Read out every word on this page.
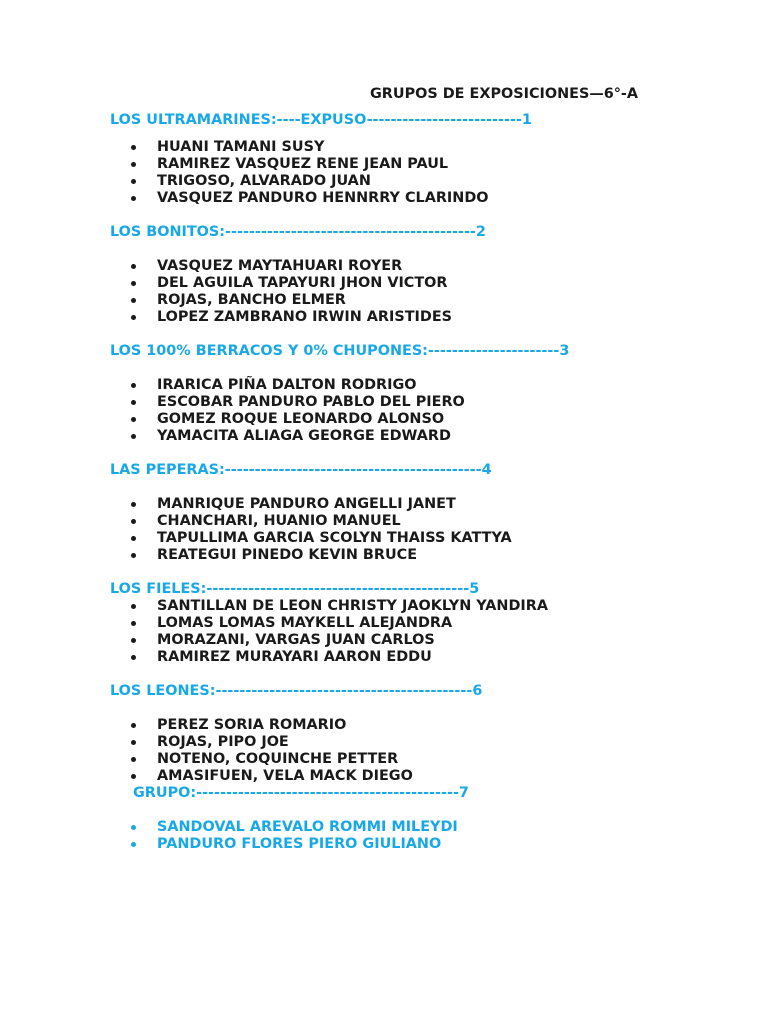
GRUPOS DE EXPOSICIONES—6°-A
LOS ULTRAMARINES:----EXPUSO--------------------------1
HUANI TAMANI SUSY
RAMIREZ VASQUEZ RENE JEAN PAUL
TRIGOSO, ALVARADO JUAN
VASQUEZ PANDURO HENNRRY CLARINDO
LOS BONITOS:------------------------------------------2
VASQUEZ MAYTAHUARI ROYER
DEL AGUILA TAPAYURI JHON VICTOR
ROJAS, BANCHO ELMER
LOPEZ ZAMBRANO IRWIN ARISTIDES
LOS 100% BERRACOS Y 0% CHUPONES:----------------------3
IRARICA PIÑA DALTON RODRIGO
ESCOBAR PANDURO PABLO DEL PIERO
GOMEZ ROQUE LEONARDO ALONSO
YAMACITA ALIAGA GEORGE EDWARD
LAS PEPERAS:-------------------------------------------4
MANRIQUE PANDURO ANGELLI JANET
CHANCHARI, HUANIO MANUEL
TAPULLIMA GARCIA SCOLYN THAISS KATTYA
REATEGUI PINEDO KEVIN BRUCE
LOS FIELES:--------------------------------------------5
SANTILLAN DE LEON CHRISTY JAOKLYN YANDIRA
LOMAS LOMAS MAYKELL ALEJANDRA
MORAZANI, VARGAS JUAN CARLOS
RAMIREZ MURAYARI AARON EDDU
LOS LEONES:-------------------------------------------6
PEREZ SORIA ROMARIO
ROJAS, PIPO JOE
NOTENO, COQUINCHE PETTER
AMASIFUEN, VELA MACK DIEGO
GRUPO:--------------------------------------------7
SANDOVAL AREVALO ROMMI MILEYDI
PANDURO FLORES PIERO GIULIANO
